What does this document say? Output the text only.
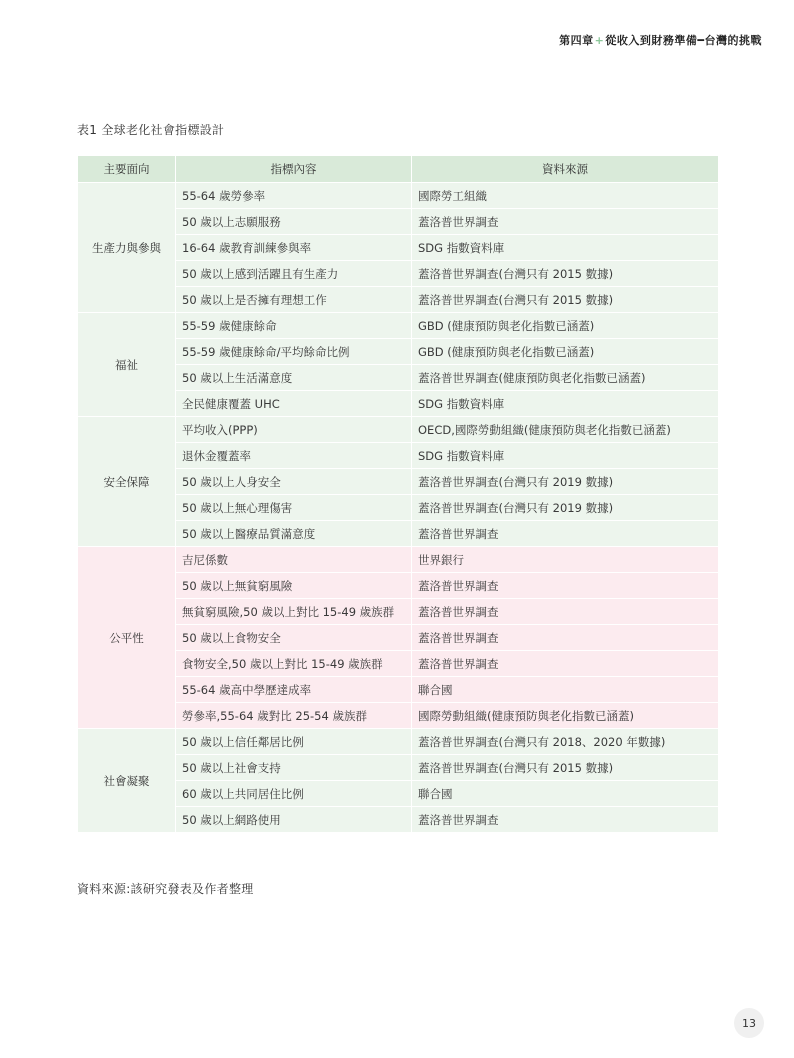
第四章+從收入到財務準備━台灣的挑戰
表1 全球老化社會指標設計
主要面向	指標內容	資料來源
生產力與參與	55-64 歲勞參率	國際勞工組織
	50 歲以上志願服務	蓋洛普世界調查
	16-64 歲教育訓練參與率	SDG 指數資料庫
	50 歲以上感到活躍且有生產力	蓋洛普世界調查(台灣只有 2015 數據)
	50 歲以上是否擁有理想工作	蓋洛普世界調查(台灣只有 2015 數據)
福祉	55-59 歲健康餘命	GBD (健康預防與老化指數已涵蓋)
	55-59 歲健康餘命/平均餘命比例	GBD (健康預防與老化指數已涵蓋)
	50 歲以上生活滿意度	蓋洛普世界調查(健康預防與老化指數已涵蓋)
	全民健康覆蓋 UHC	SDG 指數資料庫
安全保障	平均收入(PPP)	OECD,國際勞動組織(健康預防與老化指數已涵蓋)
	退休金覆蓋率	SDG 指數資料庫
	50 歲以上人身安全	蓋洛普世界調查(台灣只有 2019 數據)
	50 歲以上無心理傷害	蓋洛普世界調查(台灣只有 2019 數據)
	50 歲以上醫療品質滿意度	蓋洛普世界調查
公平性	吉尼係數	世界銀行
	50 歲以上無貧窮風險	蓋洛普世界調查
	無貧窮風險,50 歲以上對比 15-49 歲族群	蓋洛普世界調查
	50 歲以上食物安全	蓋洛普世界調查
	食物安全,50 歲以上對比 15-49 歲族群	蓋洛普世界調查
	55-64 歲高中學歷達成率	聯合國
	勞參率,55-64 歲對比 25-54 歲族群	國際勞動組織(健康預防與老化指數已涵蓋)
社會凝聚	50 歲以上信任鄰居比例	蓋洛普世界調查(台灣只有 2018、2020 年數據)
	50 歲以上社會支持	蓋洛普世界調查(台灣只有 2015 數據)
	60 歲以上共同居住比例	聯合國
	50 歲以上網路使用	蓋洛普世界調查
資料來源:該研究發表及作者整理
13
